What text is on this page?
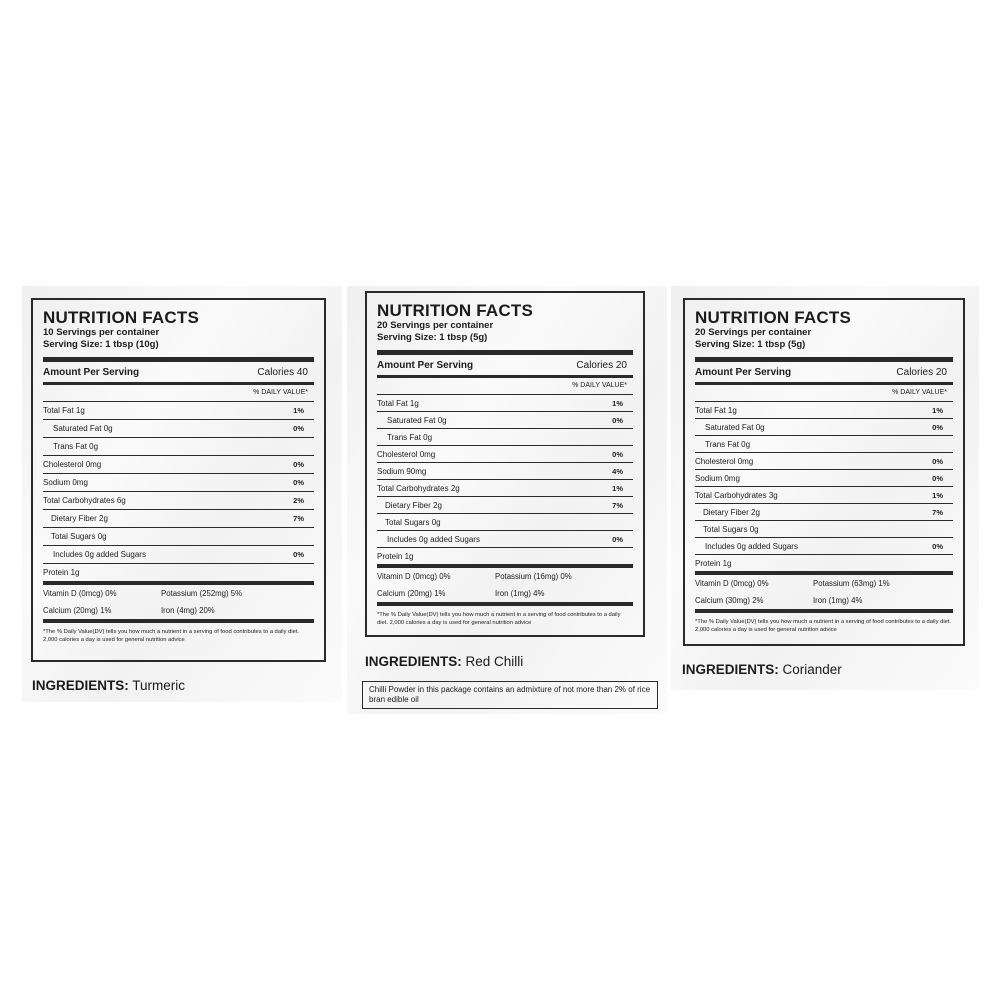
NUTRITION FACTS
10 Servings per container
Serving Size: 1 tbsp (10g)
Amount Per Serving	Calories 40
% DAILY VALUE*
Total Fat 1g	1%
Saturated Fat 0g	0%
Trans Fat 0g
Cholesterol 0mg	0%
Sodium 0mg	0%
Total Carbohydrates 6g	2%
Dietary Fiber 2g	7%
Total Sugars 0g
Includes 0g added Sugars	0%
Protein 1g
Vitamin D (0mcg) 0%	Potassium (252mg) 5%
Calcium (20mg) 1%	Iron (4mg) 20%
*The % Daily Value(DV) tells you how much a nutrient in a serving of food contributes to a daily diet. 2,000 calories a day is used for general nutrition advice
INGREDIENTS: Turmeric
NUTRITION FACTS
20 Servings per container
Serving Size: 1 tbsp (5g)
Amount Per Serving	Calories 20
% DAILY VALUE*
Total Fat 1g	1%
Saturated Fat 0g	0%
Trans Fat 0g
Cholesterol 0mg	0%
Sodium 90mg	4%
Total Carbohydrates 2g	1%
Dietary Fiber 2g	7%
Total Sugars 0g
Includes 0g added Sugars	0%
Protein 1g
Vitamin D (0mcg) 0%	Potassium (16mg) 0%
Calcium (20mg) 1%	Iron (1mg) 4%
*The % Daily Value(DV) tells you how much a nutrient in a serving of food contributes to a daily diet. 2,000 calories a day is used for general nutrition advice
INGREDIENTS: Red Chilli
Chilli Powder in this package contains an admixture of not more than 2% of rice bran edible oil
NUTRITION FACTS
20 Servings per container
Serving Size: 1 tbsp (5g)
Amount Per Serving	Calories 20
% DAILY VALUE*
Total Fat 1g	1%
Saturated Fat 0g	0%
Trans Fat 0g
Cholesterol 0mg	0%
Sodium 0mg	0%
Total Carbohydrates 3g	1%
Dietary Fiber 2g	7%
Total Sugars 0g
Includes 0g added Sugars	0%
Protein 1g
Vitamin D (0mcg) 0%	Potassium (63mg) 1%
Calcium (30mg) 2%	Iron (1mg) 4%
*The % Daily Value(DV) tells you how much a nutrient in a serving of food contributes to a daily diet. 2,000 calories a day is used for general nutrition advice
INGREDIENTS: Coriander
